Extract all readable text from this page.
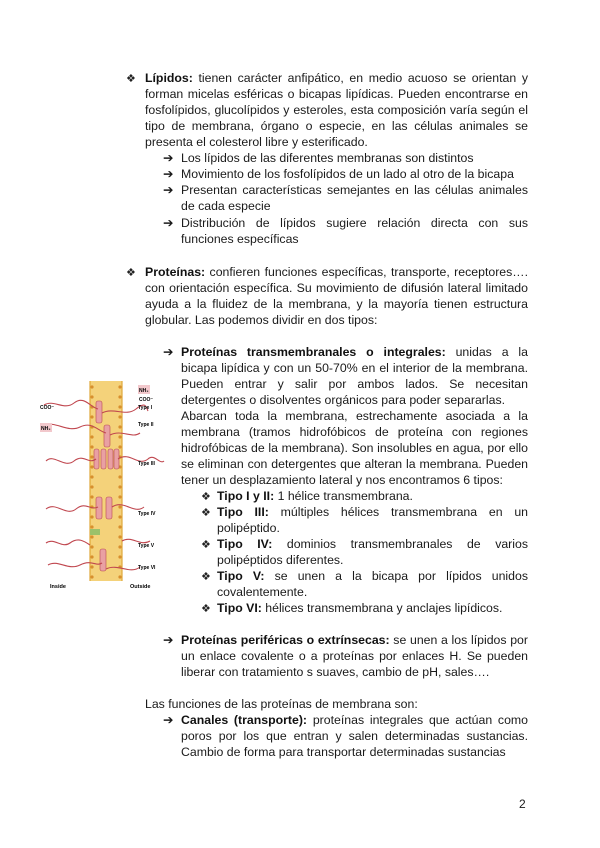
❖ Lípidos: tienen carácter anfipático, en medio acuoso se orientan y forman micelas esféricas o bicapas lipídicas. Pueden encontrarse en fosfolípidos, glucolípidos y esteroles, esta composición varía según el tipo de membrana, órgano o especie, en las células animales se presenta el colesterol libre y esterificado.

➔ Los lípidos de las diferentes membranas son distintos

➔ Movimiento de los fosfolípidos de un lado al otro de la bicapa

➔ Presentan características semejantes en las células animales de cada especie

➔ Distribución de lípidos sugiere relación directa con sus funciones específicas

❖ Proteínas: confieren funciones específicas, transporte, receptores…. con orientación específica. Su movimiento de difusión lateral limitado ayuda a la fluidez de la membrana, y la mayoría tienen estructura globular. Las podemos dividir en dos tipos:

➔ Proteínas transmembranales o integrales: unidas a la bicapa lipídica y con un 50-70% en el interior de la membrana. Pueden entrar y salir por ambos lados. Se necesitan detergentes o disolventes orgánicos para poder separarlas.

Abarcan toda la membrana, estrechamente asociada a la membrana (tramos hidrofóbicos de proteína con regiones hidrofóbicas de la membrana). Son insolubles en agua, por ello se eliminan con detergentes que alteran la membrana. Pueden tener un desplazamiento lateral y nos encontramos 6 tipos:

❖ Tipo I y II: 1 hélice transmembrana.

❖ Tipo III: múltiples hélices transmembrana en un polipéptido.

❖ Tipo IV: dominios transmembranales de varios polipéptidos diferentes.

❖ Tipo V: se unen a la bicapa por lípidos unidos covalentemente.

❖ Tipo VI: hélices transmembrana y anclajes lipídicos.

➔ Proteínas periféricas o extrínsecas: se unen a los lípidos por un enlace covalente o a proteínas por enlaces H. Se pueden liberar con tratamiento s suaves, cambio de pH, sales….

Las funciones de las proteínas de membrana son:

➔ Canales (transporte): proteínas integrales que actúan como poros por los que entran y salen determinadas sustancias. Cambio de forma para transportar determinadas sustancias

NH₃
COO⁻
COO⁻
NH₃
Type I
Type II
Type III
Type IV
Type V
Type VI
Inside	Outside
2
